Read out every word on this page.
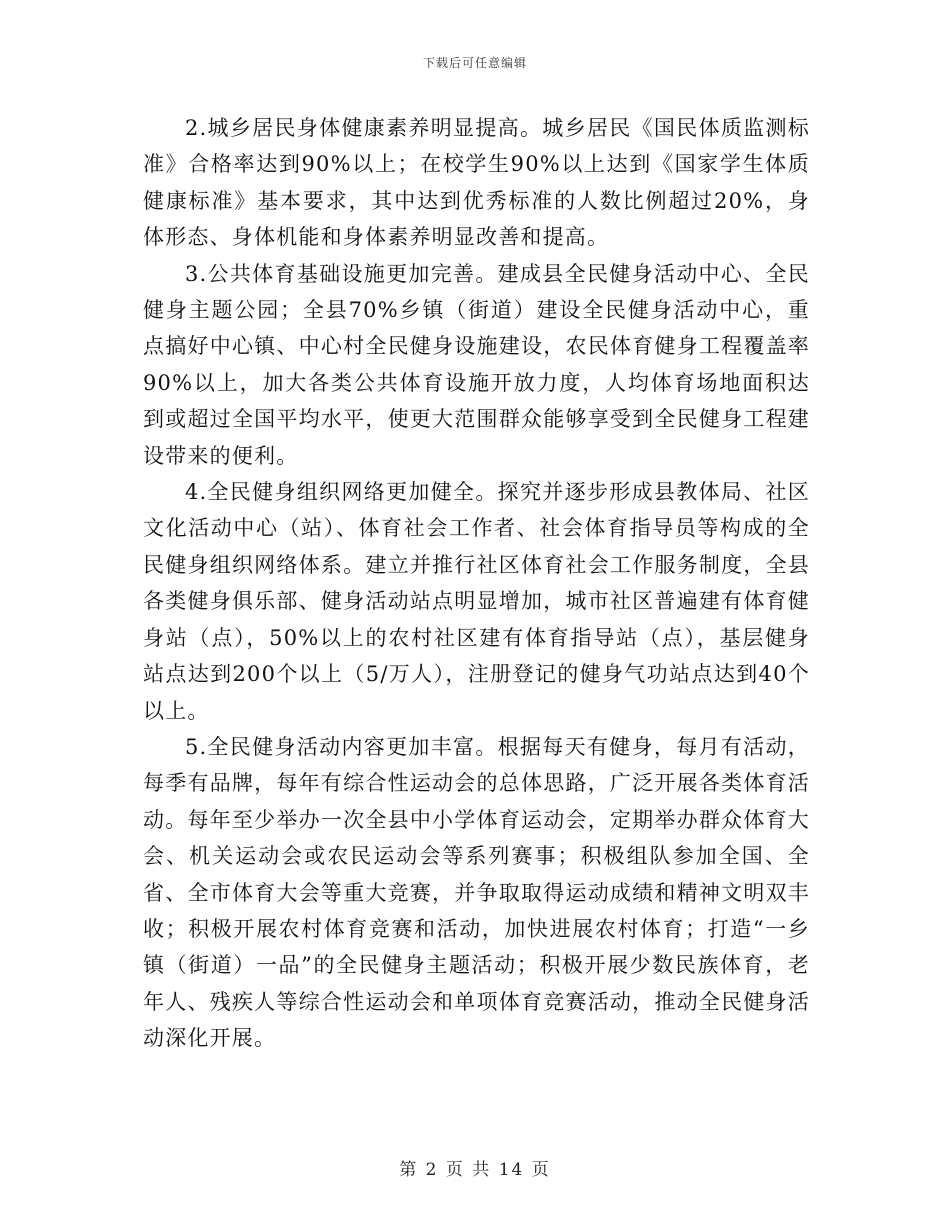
下载后可任意编辑

2.城乡居民身体健康素养明显提高。城乡居民《国民体质监测标准》合格率达到90%以上；在校学生90%以上达到《国家学生体质健康标准》基本要求，其中达到优秀标准的人数比例超过20%，身体形态、身体机能和身体素养明显改善和提高。

3.公共体育基础设施更加完善。建成县全民健身活动中心、全民健身主题公园；全县70%乡镇（街道）建设全民健身活动中心，重点搞好中心镇、中心村全民健身设施建设，农民体育健身工程覆盖率90%以上，加大各类公共体育设施开放力度，人均体育场地面积达到或超过全国平均水平，使更大范围群众能够享受到全民健身工程建设带来的便利。

4.全民健身组织网络更加健全。探究并逐步形成县教体局、社区文化活动中心（站）、体育社会工作者、社会体育指导员等构成的全民健身组织网络体系。建立并推行社区体育社会工作服务制度，全县各类健身俱乐部、健身活动站点明显增加，城市社区普遍建有体育健身站（点），50%以上的农村社区建有体育指导站（点），基层健身站点达到200个以上（5/万人），注册登记的健身气功站点达到40个以上。

5.全民健身活动内容更加丰富。根据每天有健身，每月有活动，每季有品牌，每年有综合性运动会的总体思路，广泛开展各类体育活动。每年至少举办一次全县中小学体育运动会，定期举办群众体育大会、机关运动会或农民运动会等系列赛事；积极组队参加全国、全省、全市体育大会等重大竞赛，并争取取得运动成绩和精神文明双丰收；积极开展农村体育竞赛和活动，加快进展农村体育；打造“一乡镇（街道）一品”的全民健身主题活动；积极开展少数民族体育，老年人、残疾人等综合性运动会和单项体育竞赛活动，推动全民健身活动深化开展。

第 2 页 共 14 页
